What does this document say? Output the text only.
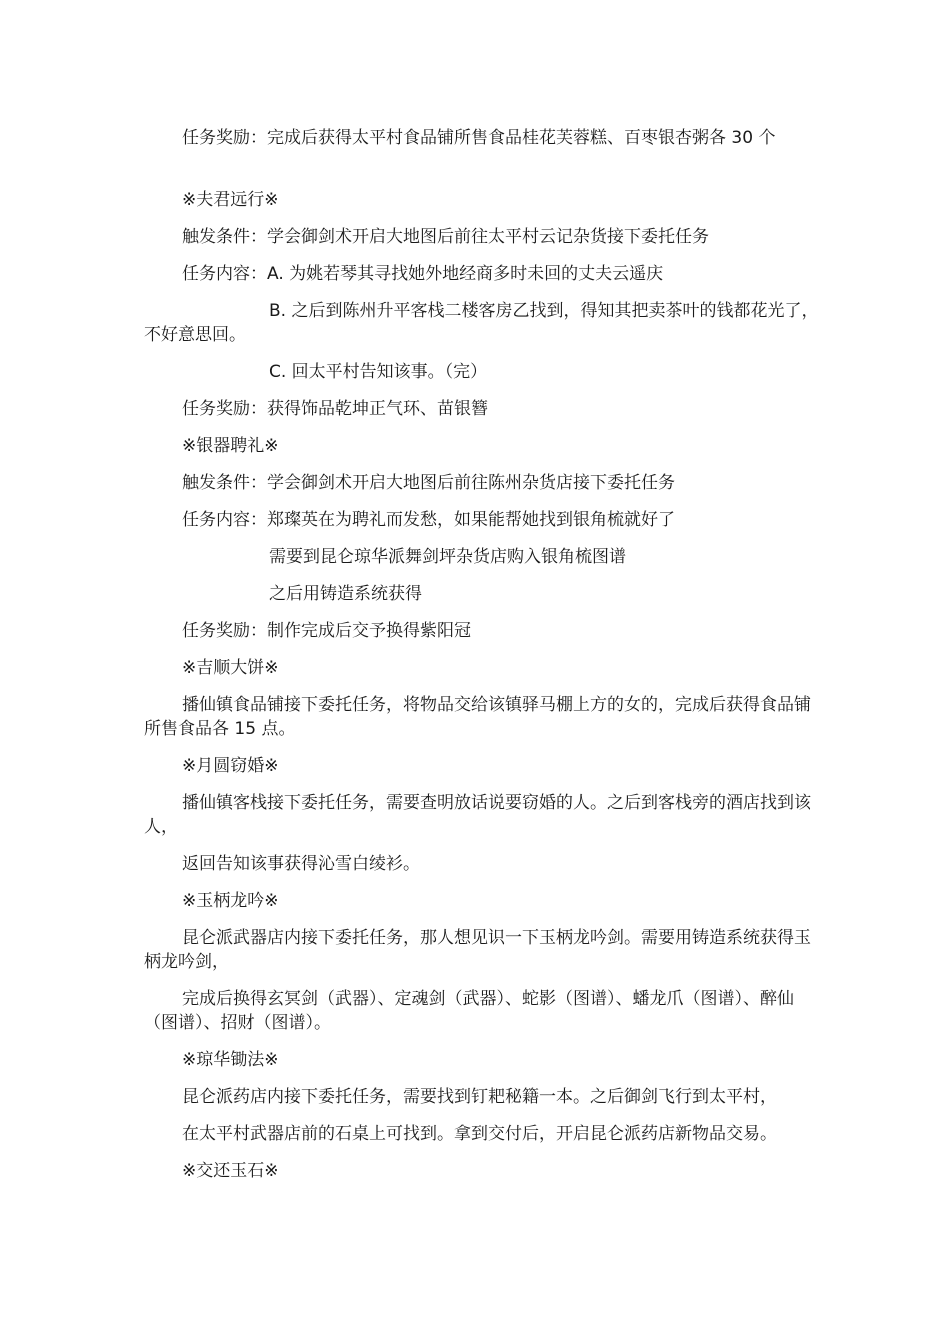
任务奖励：完成后获得太平村食品铺所售食品桂花芙蓉糕、百枣银杏粥各 30 个

※夫君远行※

触发条件：学会御剑术开启大地图后前往太平村云记杂货接下委托任务

任务内容：A. 为姚若琴其寻找她外地经商多时未回的丈夫云遥庆

B. 之后到陈州升平客栈二楼客房乙找到，得知其把卖茶叶的钱都花光了，不好意思回。

C. 回太平村告知该事。（完）

任务奖励：获得饰品乾坤正气环、苗银簪

※银器聘礼※

触发条件：学会御剑术开启大地图后前往陈州杂货店接下委托任务

任务内容：郑璨英在为聘礼而发愁，如果能帮她找到银角梳就好了

需要到昆仑琼华派舞剑坪杂货店购入银角梳图谱

之后用铸造系统获得

任务奖励：制作完成后交予换得紫阳冠

※吉顺大饼※

播仙镇食品铺接下委托任务，将物品交给该镇驿马棚上方的女的，完成后获得食品铺所售食品各 15 点。

※月圆窃婚※

播仙镇客栈接下委托任务，需要查明放话说要窃婚的人。之后到客栈旁的酒店找到该人，

返回告知该事获得沁雪白绫衫。

※玉柄龙吟※

昆仑派武器店内接下委托任务，那人想见识一下玉柄龙吟剑。需要用铸造系统获得玉柄龙吟剑，

完成后换得玄冥剑（武器）、定魂剑（武器）、蛇影（图谱）、蟠龙爪（图谱）、醉仙（图谱）、招财（图谱）。

※琼华锄法※

昆仑派药店内接下委托任务，需要找到钉耙秘籍一本。之后御剑飞行到太平村，

在太平村武器店前的石桌上可找到。拿到交付后，开启昆仑派药店新物品交易。

※交还玉石※
